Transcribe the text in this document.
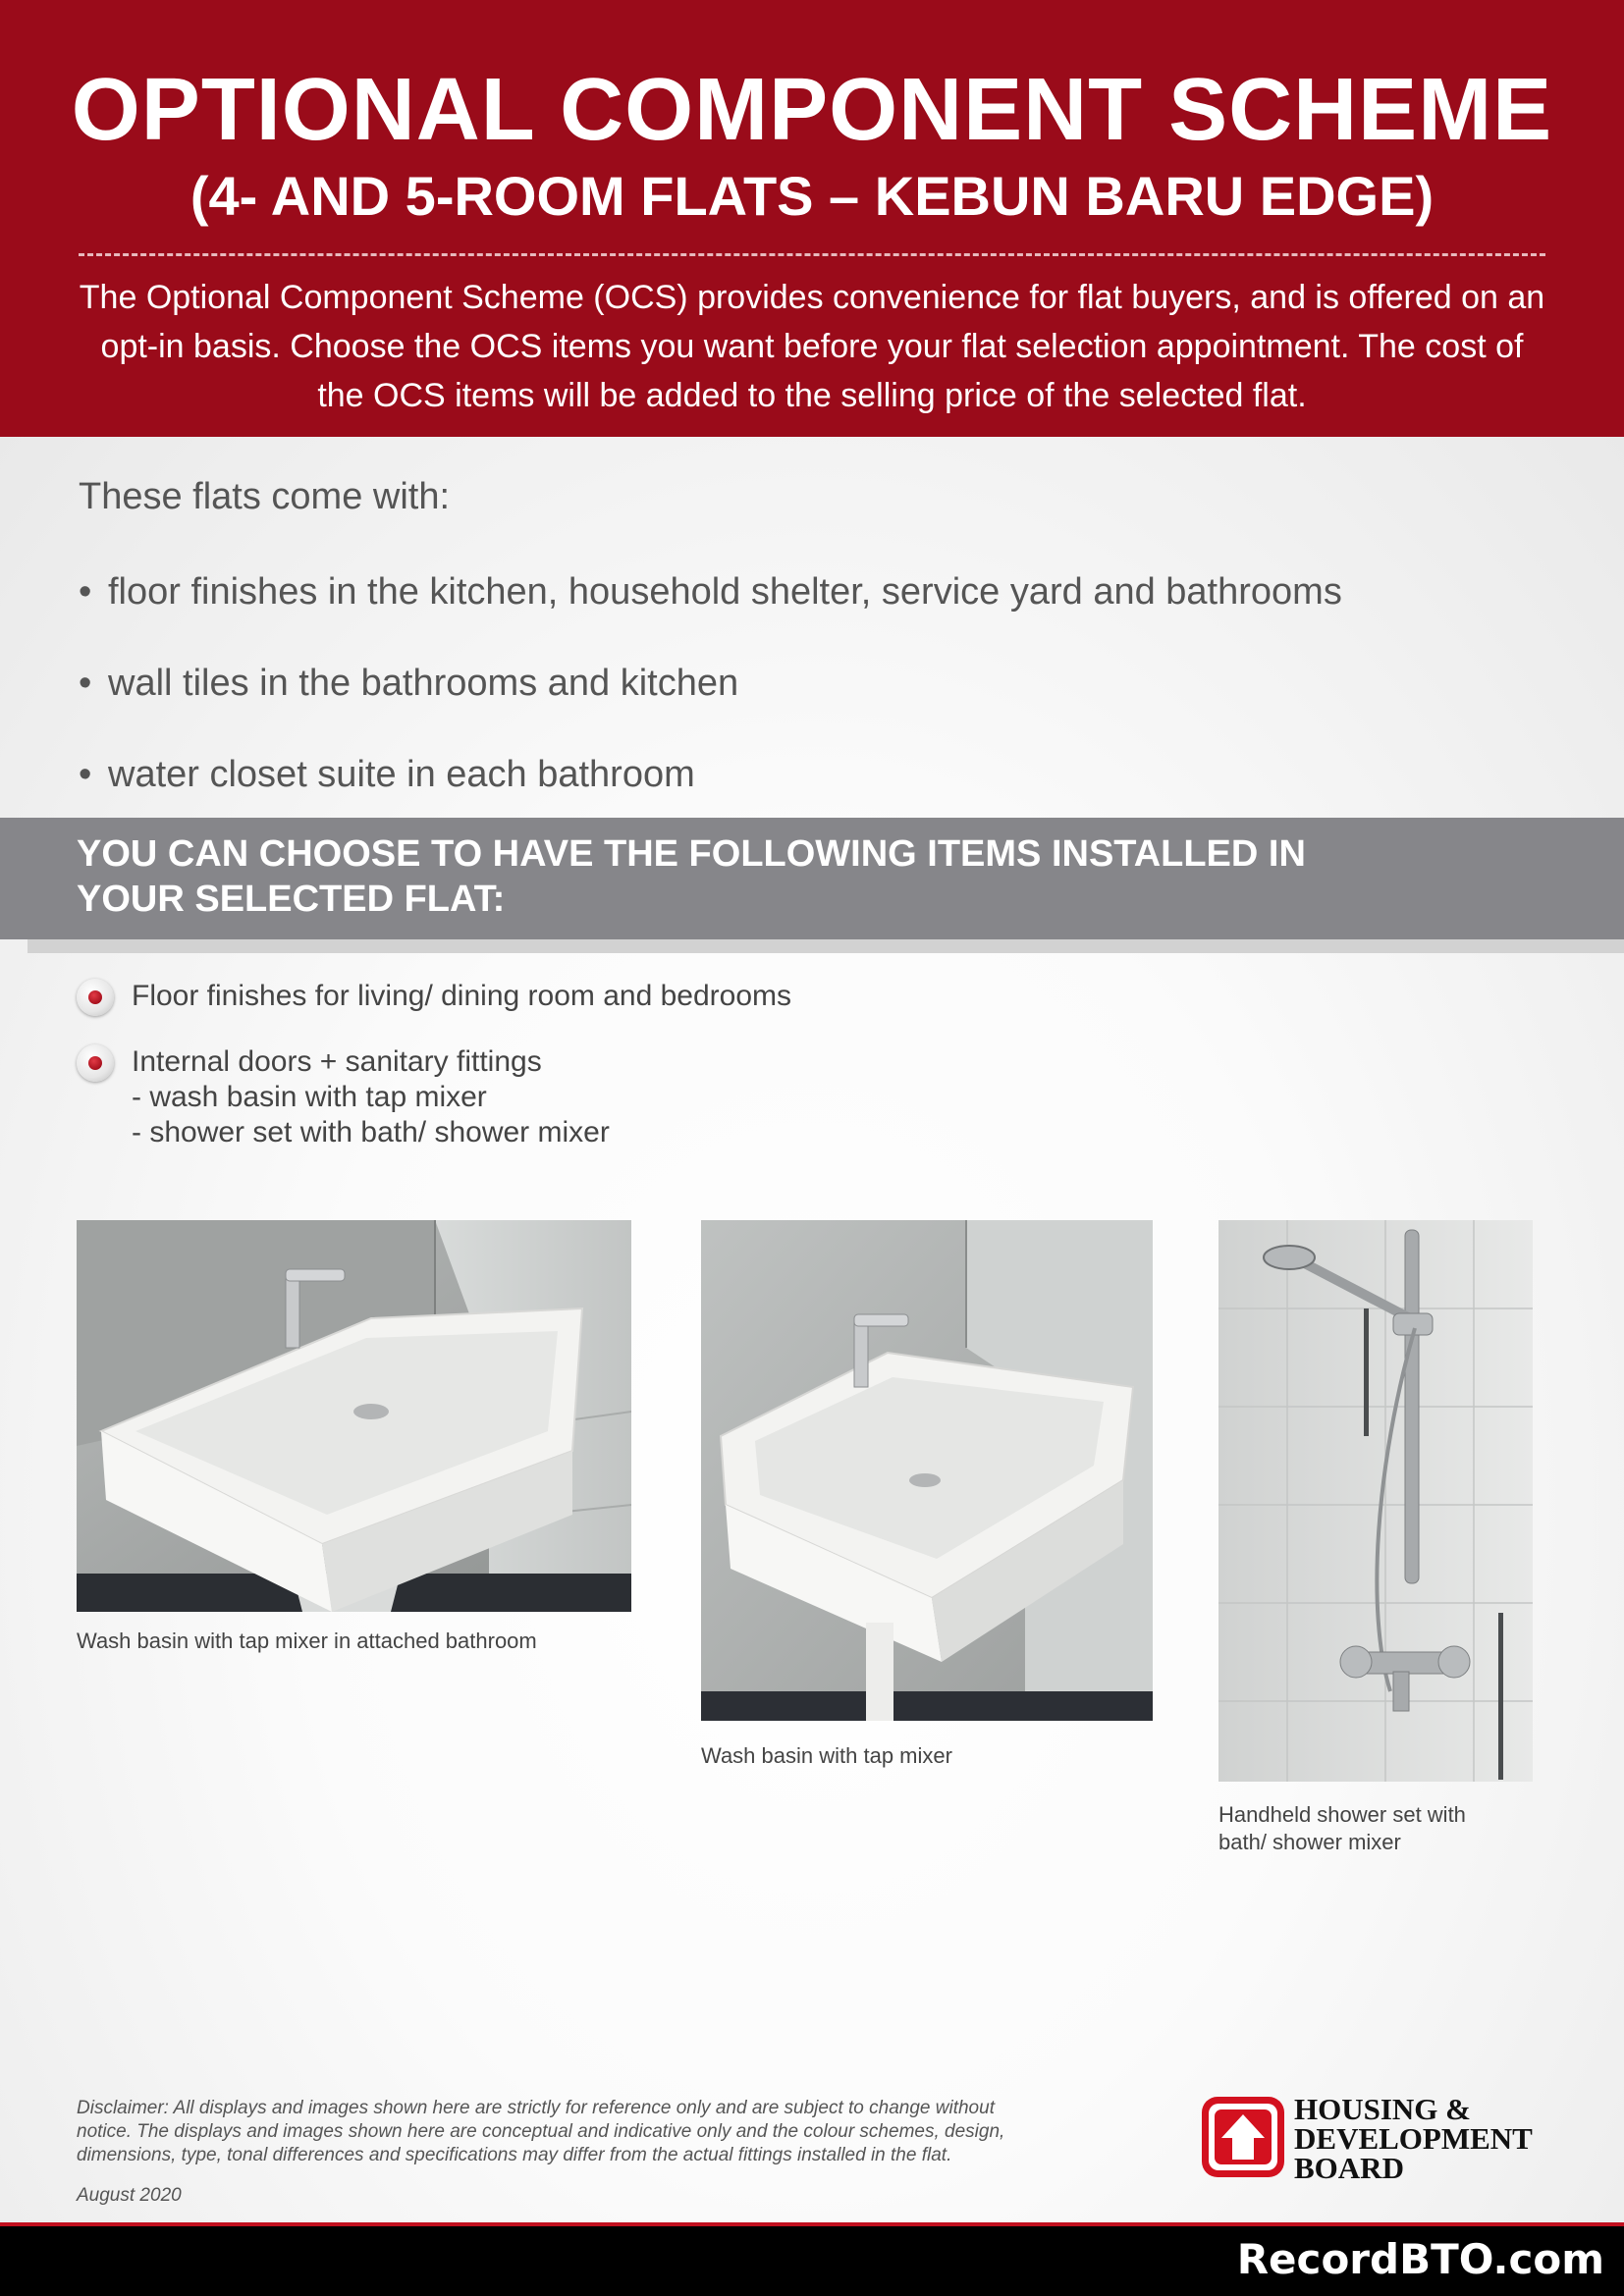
OPTIONAL COMPONENT SCHEME
(4- AND 5-ROOM FLATS – KEBUN BARU EDGE)
The Optional Component Scheme (OCS) provides convenience for flat buyers, and is offered on an
opt-in basis. Choose the OCS items you want before your flat selection appointment. The cost of
the OCS items will be added to the selling price of the selected flat.
These flats come with:
• floor finishes in the kitchen, household shelter, service yard and bathrooms
• wall tiles in the bathrooms and kitchen
• water closet suite in each bathroom
YOU CAN CHOOSE TO HAVE THE FOLLOWING ITEMS INSTALLED IN
YOUR SELECTED FLAT:
Floor finishes for living/ dining room and bedrooms
Internal doors + sanitary fittings
- wash basin with tap mixer
- shower set with bath/ shower mixer
Wash basin with tap mixer in attached bathroom
Wash basin with tap mixer
Handheld shower set with
bath/ shower mixer
Disclaimer: All displays and images shown here are strictly for reference only and are subject to change without
notice. The displays and images shown here are conceptual and indicative only and the colour schemes, design,
dimensions, type, tonal differences and specifications may differ from the actual fittings installed in the flat.
August 2020
HOUSING &
DEVELOPMENT
BOARD
RecordBTO.com
